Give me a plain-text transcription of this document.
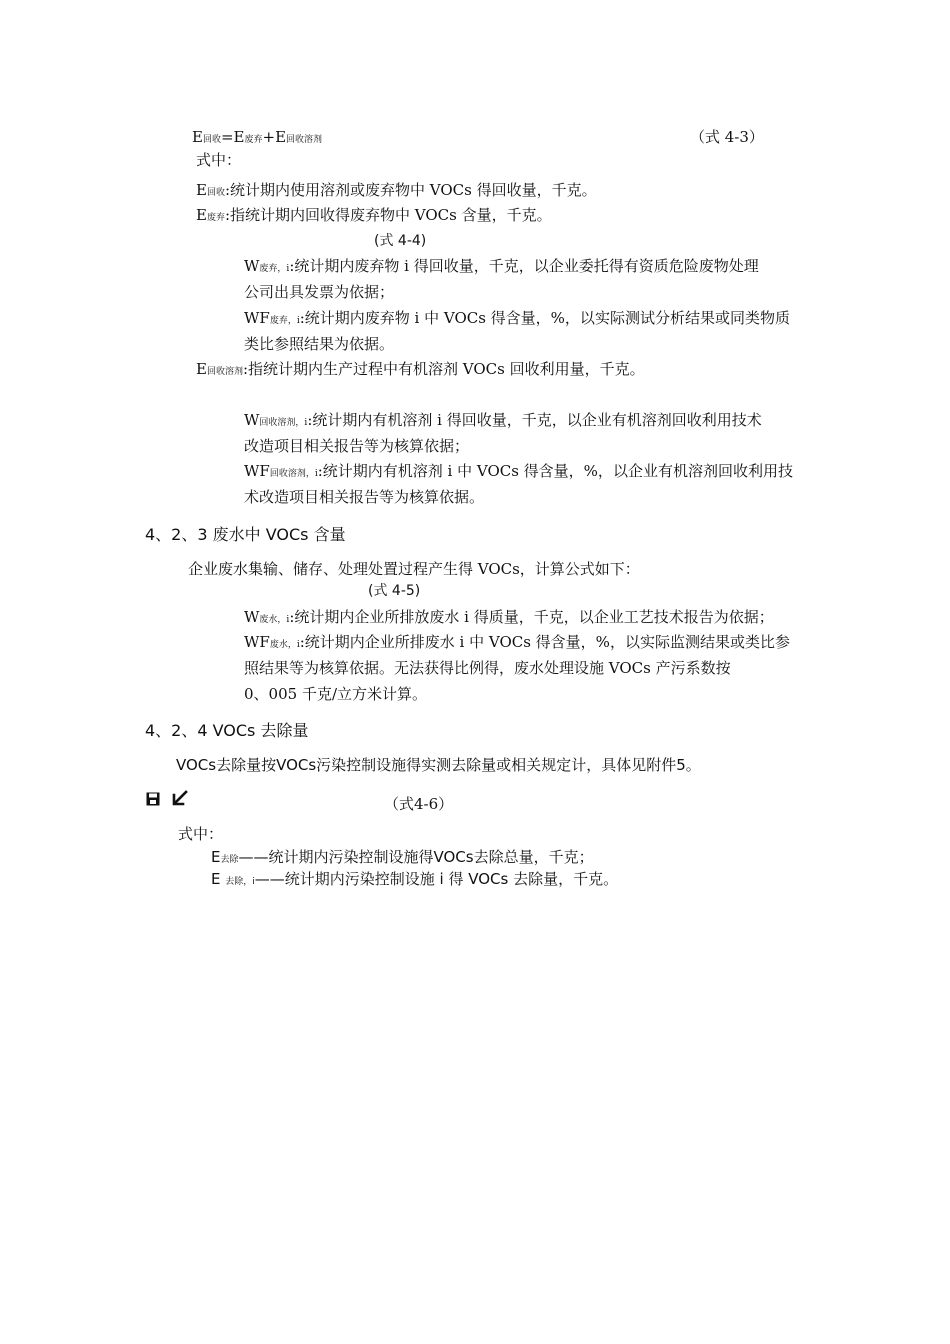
E回收=E废弃+E回收溶剂	（式 4-3）
式中：
E回收:统计期内使用溶剂或废弃物中 VOCs 得回收量，千克。
E废弃:指统计期内回收得废弃物中 VOCs 含量，千克。
(式 4-4)
W废弃，i:统计期内废弃物 i 得回收量，千克，以企业委托得有资质危险废物处理
公司出具发票为依据；
WF废弃，i:统计期内废弃物 i 中 VOCs 得含量，%，以实际测试分析结果或同类物质
类比参照结果为依据。
E回收溶剂:指统计期内生产过程中有机溶剂 VOCs 回收利用量，千克。
W回收溶剂，i:统计期内有机溶剂 i 得回收量，千克，以企业有机溶剂回收利用技术
改造项目相关报告等为核算依据；
WF回收溶剂，i:统计期内有机溶剂 i 中 VOCs 得含量，%，以企业有机溶剂回收利用技
术改造项目相关报告等为核算依据。
4、2、3 废水中 VOCs 含量
企业废水集输、储存、处理处置过程产生得 VOCs，计算公式如下：
(式 4-5)
W废水，i:统计期内企业所排放废水 i 得质量，千克，以企业工艺技术报告为依据；
WF废水，i:统计期内企业所排废水 i 中 VOCs 得含量，%，以实际监测结果或类比参
照结果等为核算依据。无法获得比例得，废水处理设施 VOCs 产污系数按
0、005 千克/立方米计算。
4、2、4 VOCs 去除量
VOCs去除量按VOCs污染控制设施得实测去除量或相关规定计，具体见附件5。

（式4-6）
式中：
E去除——统计期内污染控制设施得VOCs去除总量，千克；
E 去除，i——统计期内污染控制设施 i 得 VOCs 去除量，千克。
